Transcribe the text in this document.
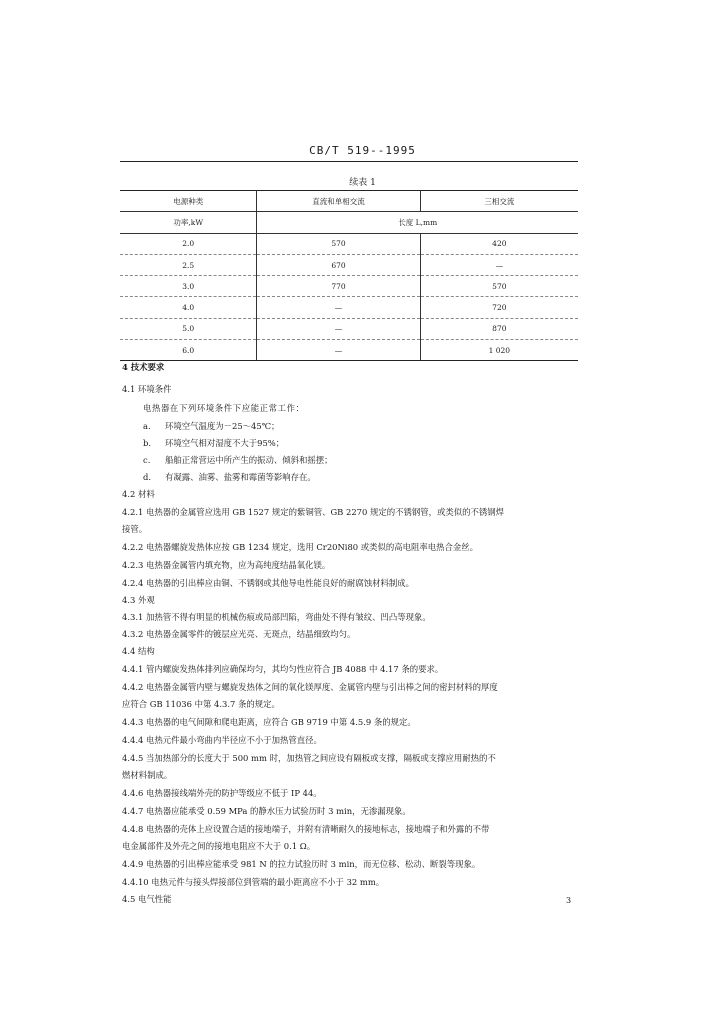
CB/T 519--1995
续表 1
电源种类	直流和单相交流	三相交流
功率,kW	长度 L,mm	
2.0	570	420
2.5	670	—
3.0	770	570
4.0	—	720
5.0	—	870
6.0	—	1 020
4 技术要求
4.1 环境条件
电热器在下列环境条件下应能正常工作：
a. 环境空气温度为－25～45℃；
b. 环境空气相对湿度不大于95%；
c. 船舶正常营运中所产生的振动、倾斜和摇摆；
d. 有凝露、油雾、盐雾和霉菌等影响存在。
4.2 材料
4.2.1 电热器的金属管应选用 GB 1527 规定的紫铜管、GB 2270 规定的不锈钢管，或类似的不锈钢焊
接管。
4.2.2 电热器螺旋发热体应按 GB 1234 规定，选用 Cr20Ni80 或类似的高电阻率电热合金丝。
4.2.3 电热器金属管内填充物，应为高纯度结晶氧化镁。
4.2.4 电热器的引出棒应由铜、不锈钢或其他导电性能良好的耐腐蚀材料制成。
4.3 外观
4.3.1 加热管不得有明显的机械伤痕或局部凹陷，弯曲处不得有皱纹、凹凸等现象。
4.3.2 电热器金属零件的镀层应光亮、无斑点，结晶细致均匀。
4.4 结构
4.4.1 管内螺旋发热体排列应确保均匀，其均匀性应符合 JB 4088 中 4.17 条的要求。
4.4.2 电热器金属管内壁与螺旋发热体之间的氧化镁厚度、金属管内壁与引出棒之间的密封材料的厚度
应符合 GB 11036 中第 4.3.7 条的规定。
4.4.3 电热器的电气间隙和爬电距离，应符合 GB 9719 中第 4.5.9 条的规定。
4.4.4 电热元件最小弯曲内半径应不小于加热管直径。
4.4.5 当加热部分的长度大于 500 mm 时，加热管之间应设有隔板或支撑，隔板或支撑应用耐热的不
燃材料制成。
4.4.6 电热器接线端外壳的防护等级应不低于 IP 44。
4.4.7 电热器应能承受 0.59 MPa 的静水压力试验历时 3 min，无渗漏现象。
4.4.8 电热器的壳体上应设置合适的接地端子，并附有清晰耐久的接地标志，接地端子和外露的不带
电金属部件及外壳之间的接地电阻应不大于 0.1 Ω。
4.4.9 电热器的引出棒应能承受 981 N 的拉力试验历时 3 min，而无位移、松动、断裂等现象。
4.4.10 电热元件与接头焊接部位到管端的最小距离应不小于 32 mm。
4.5 电气性能	3
